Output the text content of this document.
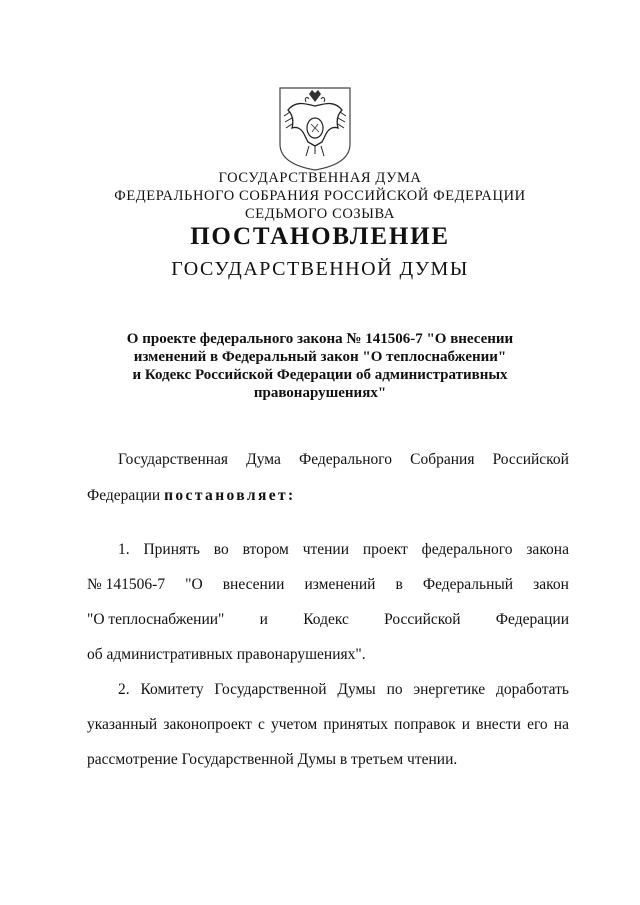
ГОСУДАРСТВЕННАЯ ДУМА
ФЕДЕРАЛЬНОГО СОБРАНИЯ РОССИЙСКОЙ ФЕДЕРАЦИИ
СЕДЬМОГО СОЗЫВА
ПОСТАНОВЛЕНИЕ
ГОСУДАРСТВЕННОЙ ДУМЫ
О проекте федерального закона № 141506-7 "О внесении
изменений в Федеральный закон "О теплоснабжении"
и Кодекс Российской Федерации об административных
правонарушениях"
Государственная Дума Федерального Собрания Российской
Федерации постановляет:
1. Принять во втором чтении проект федерального закона
№ 141506-7 "О внесении изменений в Федеральный закон
"О теплоснабжении" и Кодекс Российской Федерации
об административных правонарушениях".
2. Комитету Государственной Думы по энергетике доработать
указанный законопроект с учетом принятых поправок и внести его на
рассмотрение Государственной Думы в третьем чтении.
